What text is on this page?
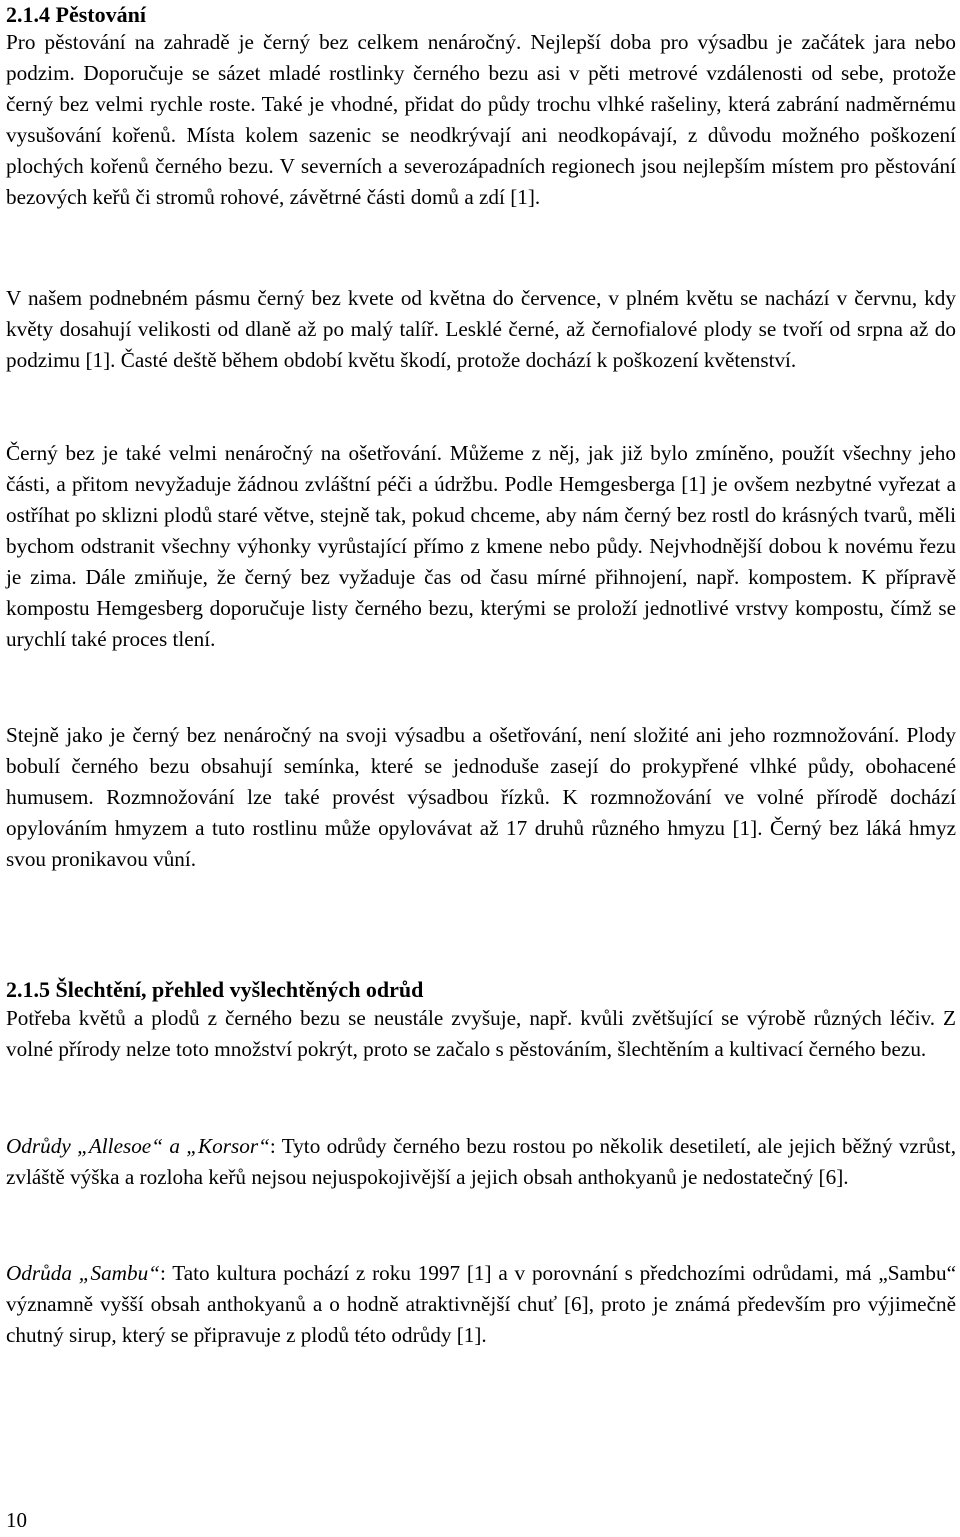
2.1.4 Pěstování

Pro pěstování na zahradě je černý bez celkem nenáročný. Nejlepší doba pro výsadbu je začátek jara nebo podzim. Doporučuje se sázet mladé rostlinky černého bezu asi v pěti metrové vzdálenosti od sebe, protože černý bez velmi rychle roste. Také je vhodné, přidat do půdy trochu vlhké rašeliny, která zabrání nadměrnému vysušování kořenů. Místa kolem sazenic se neodkrývají ani neodkopávají, z důvodu možného poškození plochých kořenů černého bezu. V severních a severozápadních regionech jsou nejlepším místem pro pěstování bezových keřů či stromů rohové, závětrné části domů a zdí [1].

V našem podnebném pásmu černý bez kvete od května do července, v plném květu se nachází v červnu, kdy květy dosahují velikosti od dlaně až po malý talíř. Lesklé černé, až černofialové plody se tvoří od srpna až do podzimu [1]. Časté deště během období květu škodí, protože dochází k poškození květenství.

Černý bez je také velmi nenáročný na ošetřování. Můžeme z něj, jak již bylo zmíněno, použít všechny jeho části, a přitom nevyžaduje žádnou zvláštní péči a údržbu. Podle Hemgesberga [1] je ovšem nezbytné vyřezat a ostříhat po sklizni plodů staré větve, stejně tak, pokud chceme, aby nám černý bez rostl do krásných tvarů, měli bychom odstranit všechny výhonky vyrůstající přímo z kmene nebo půdy. Nejvhodnější dobou k novému řezu je zima. Dále zmiňuje, že černý bez vyžaduje čas od času mírné přihnojení, např. kompostem. K přípravě kompostu Hemgesberg doporučuje listy černého bezu, kterými se proloží jednotlivé vrstvy kompostu, čímž se urychlí také proces tlení.

Stejně jako je černý bez nenáročný na svoji výsadbu a ošetřování, není složité ani jeho rozmnožování. Plody bobulí černého bezu obsahují semínka, které se jednoduše zasejí do prokypřené vlhké půdy, obohacené humusem. Rozmnožování lze také provést výsadbou řízků. K rozmnožování ve volné přírodě dochází opylováním hmyzem a tuto rostlinu může opylovávat až 17 druhů různého hmyzu [1]. Černý bez láká hmyz svou pronikavou vůní.

2.1.5 Šlechtění, přehled vyšlechtěných odrůd

Potřeba květů a plodů z černého bezu se neustále zvyšuje, např. kvůli zvětšující se výrobě různých léčiv. Z volné přírody nelze toto množství pokrýt, proto se začalo s pěstováním, šlechtěním a kultivací černého bezu.

Odrůdy „Allesoe“ a „Korsor“: Tyto odrůdy černého bezu rostou po několik desetiletí, ale jejich běžný vzrůst, zvláště výška a rozloha keřů nejsou nejuspokojivější a jejich obsah anthokyanů je nedostatečný [6].

Odrůda „Sambu“: Tato kultura pochází z roku 1997 [1] a v porovnání s předchozími odrůdami, má „Sambu“ významně vyšší obsah anthokyanů a o hodně atraktivnější chuť [6], proto je známá především pro výjimečně chutný sirup, který se připravuje z plodů této odrůdy [1].

10
